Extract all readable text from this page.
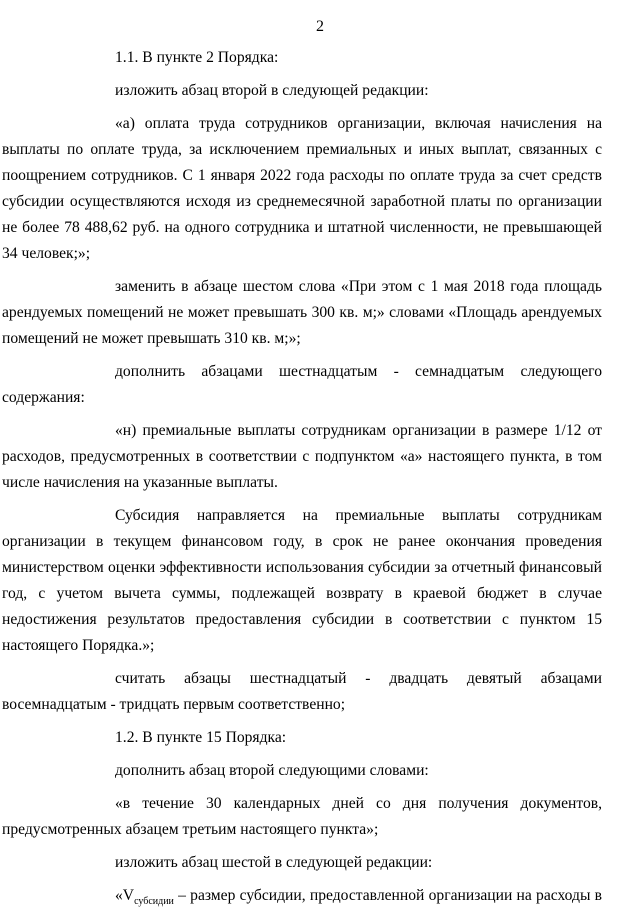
2

1.1. В пункте 2 Порядка:

изложить абзац второй в следующей редакции:

«а) оплата труда сотрудников организации, включая начисления на

выплаты по оплате труда, за исключением премиальных и иных выплат, связанных с поощрением сотрудников. С 1 января 2022 года расходы по оплате труда за счет средств субсидии осуществляются исходя из среднемесячной заработной платы по организации не более 78 488,62 руб. на одного сотрудника и штатной численности, не превышающей 34 человек;»;

заменить в абзаце шестом слова «При этом с 1 мая 2018 года площадь

арендуемых помещений не может превышать 300 кв. м;» словами «Площадь арендуемых помещений не может превышать 310 кв. м;»;

дополнить абзацами шестнадцатым - семнадцатым следующего

содержания:

«н) премиальные выплаты сотрудникам организации в размере 1/12 от

расходов, предусмотренных в соответствии с подпунктом «а» настоящего пункта, в том числе начисления на указанные выплаты.

Субсидия направляется на премиальные выплаты сотрудникам

организации в текущем финансовом году, в срок не ранее окончания проведения министерством оценки эффективности использования субсидии за отчетный финансовый год, с учетом вычета суммы, подлежащей возврату в краевой бюджет в случае недостижения результатов предоставления субсидии в соответствии с пунктом 15 настоящего Порядка.»;

считать абзацы шестнадцатый - двадцать девятый абзацами

восемнадцатым - тридцать первым соответственно;

1.2. В пункте 15 Порядка:

дополнить абзац второй следующими словами:

«в течение 30 календарных дней со дня получения документов,

предусмотренных абзацем третьим настоящего пункта»;

изложить абзац шестой в следующей редакции:

«$V_{субсидии}$ – размер субсидии, предоставленной организации на расходы в
